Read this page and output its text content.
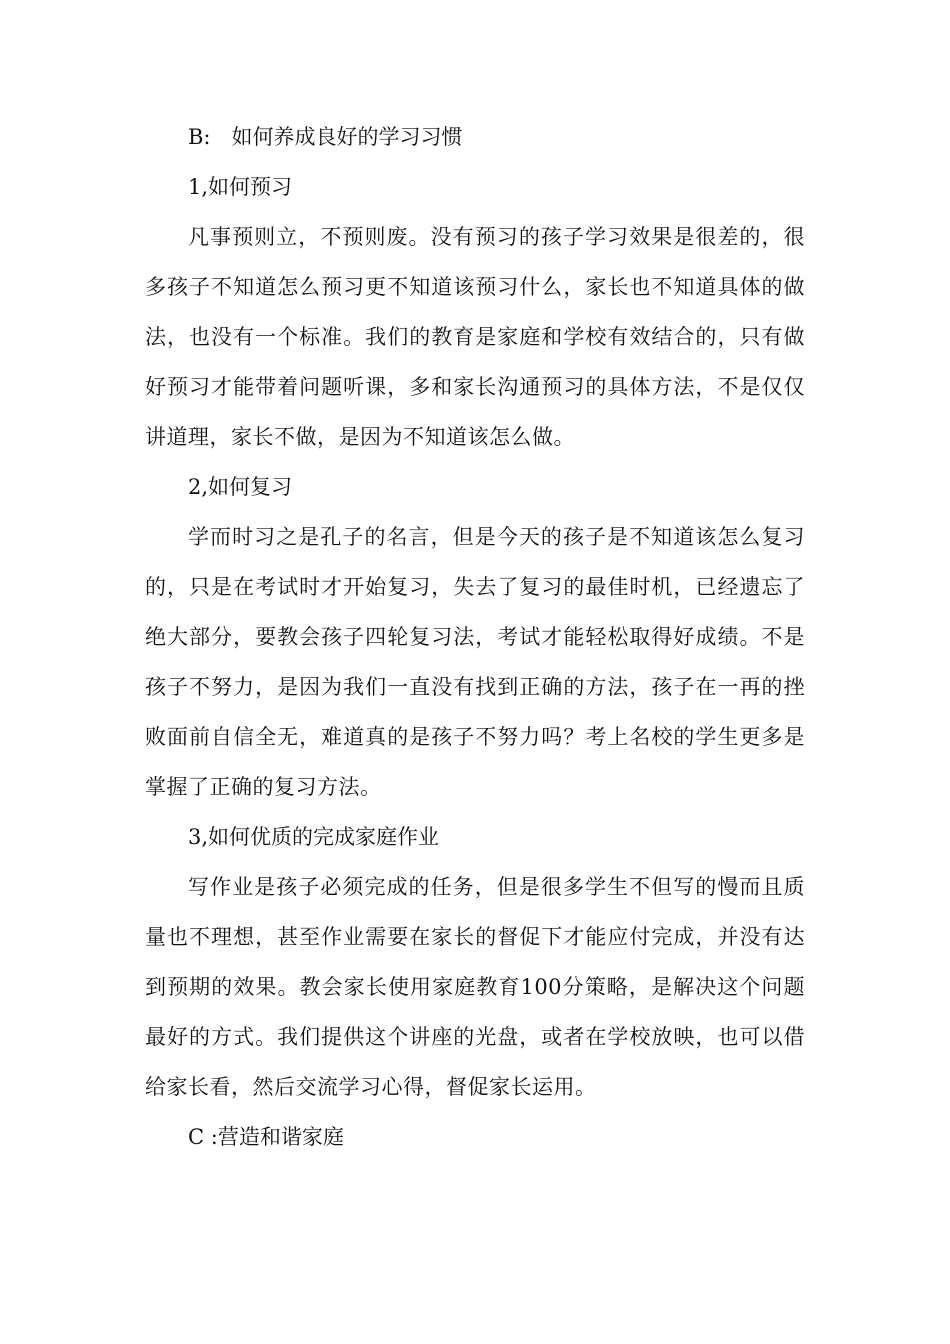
B:　如何养成良好的学习习惯

1,如何预习

凡事预则立，不预则废。没有预习的孩子学习效果是很差的，很多孩子不知道怎么预习更不知道该预习什么，家长也不知道具体的做法，也没有一个标准。我们的教育是家庭和学校有效结合的，只有做好预习才能带着问题听课，多和家长沟通预习的具体方法，不是仅仅讲道理，家长不做，是因为不知道该怎么做。

2,如何复习

学而时习之是孔子的名言，但是今天的孩子是不知道该怎么复习的，只是在考试时才开始复习，失去了复习的最佳时机，已经遗忘了绝大部分，要教会孩子四轮复习法，考试才能轻松取得好成绩。不是孩子不努力，是因为我们一直没有找到正确的方法，孩子在一再的挫败面前自信全无，难道真的是孩子不努力吗？考上名校的学生更多是掌握了正确的复习方法。

3,如何优质的完成家庭作业

写作业是孩子必须完成的任务，但是很多学生不但写的慢而且质量也不理想，甚至作业需要在家长的督促下才能应付完成，并没有达到预期的效果。教会家长使用家庭教育100分策略，是解决这个问题最好的方式。我们提供这个讲座的光盘，或者在学校放映，也可以借给家长看，然后交流学习心得，督促家长运用。

C :营造和谐家庭
